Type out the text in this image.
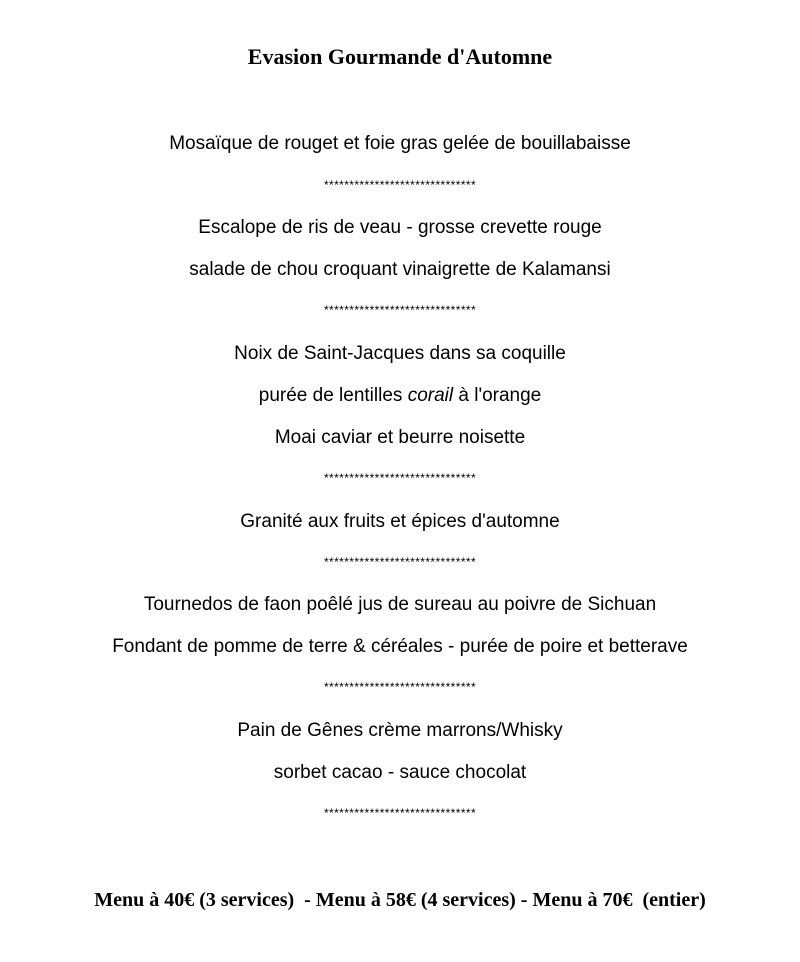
Evasion Gourmande d'Automne
Mosaïque de rouget et foie gras gelée de bouillabaisse
******************************
Escalope de ris de veau - grosse crevette rouge
salade de chou croquant vinaigrette de Kalamansi
******************************
Noix de Saint-Jacques dans sa coquille
purée de lentilles corail à l'orange
Moai caviar et beurre noisette
******************************
Granité aux fruits et épices d'automne
******************************
Tournedos de faon poêlé jus de sureau au poivre de Sichuan
Fondant de pomme de terre & céréales - purée de poire et betterave
******************************
Pain de Gênes crème marrons/Whisky
sorbet cacao - sauce chocolat
******************************
Menu à 40€ (3 services)  - Menu à 58€ (4 services) - Menu à 70€  (entier)
